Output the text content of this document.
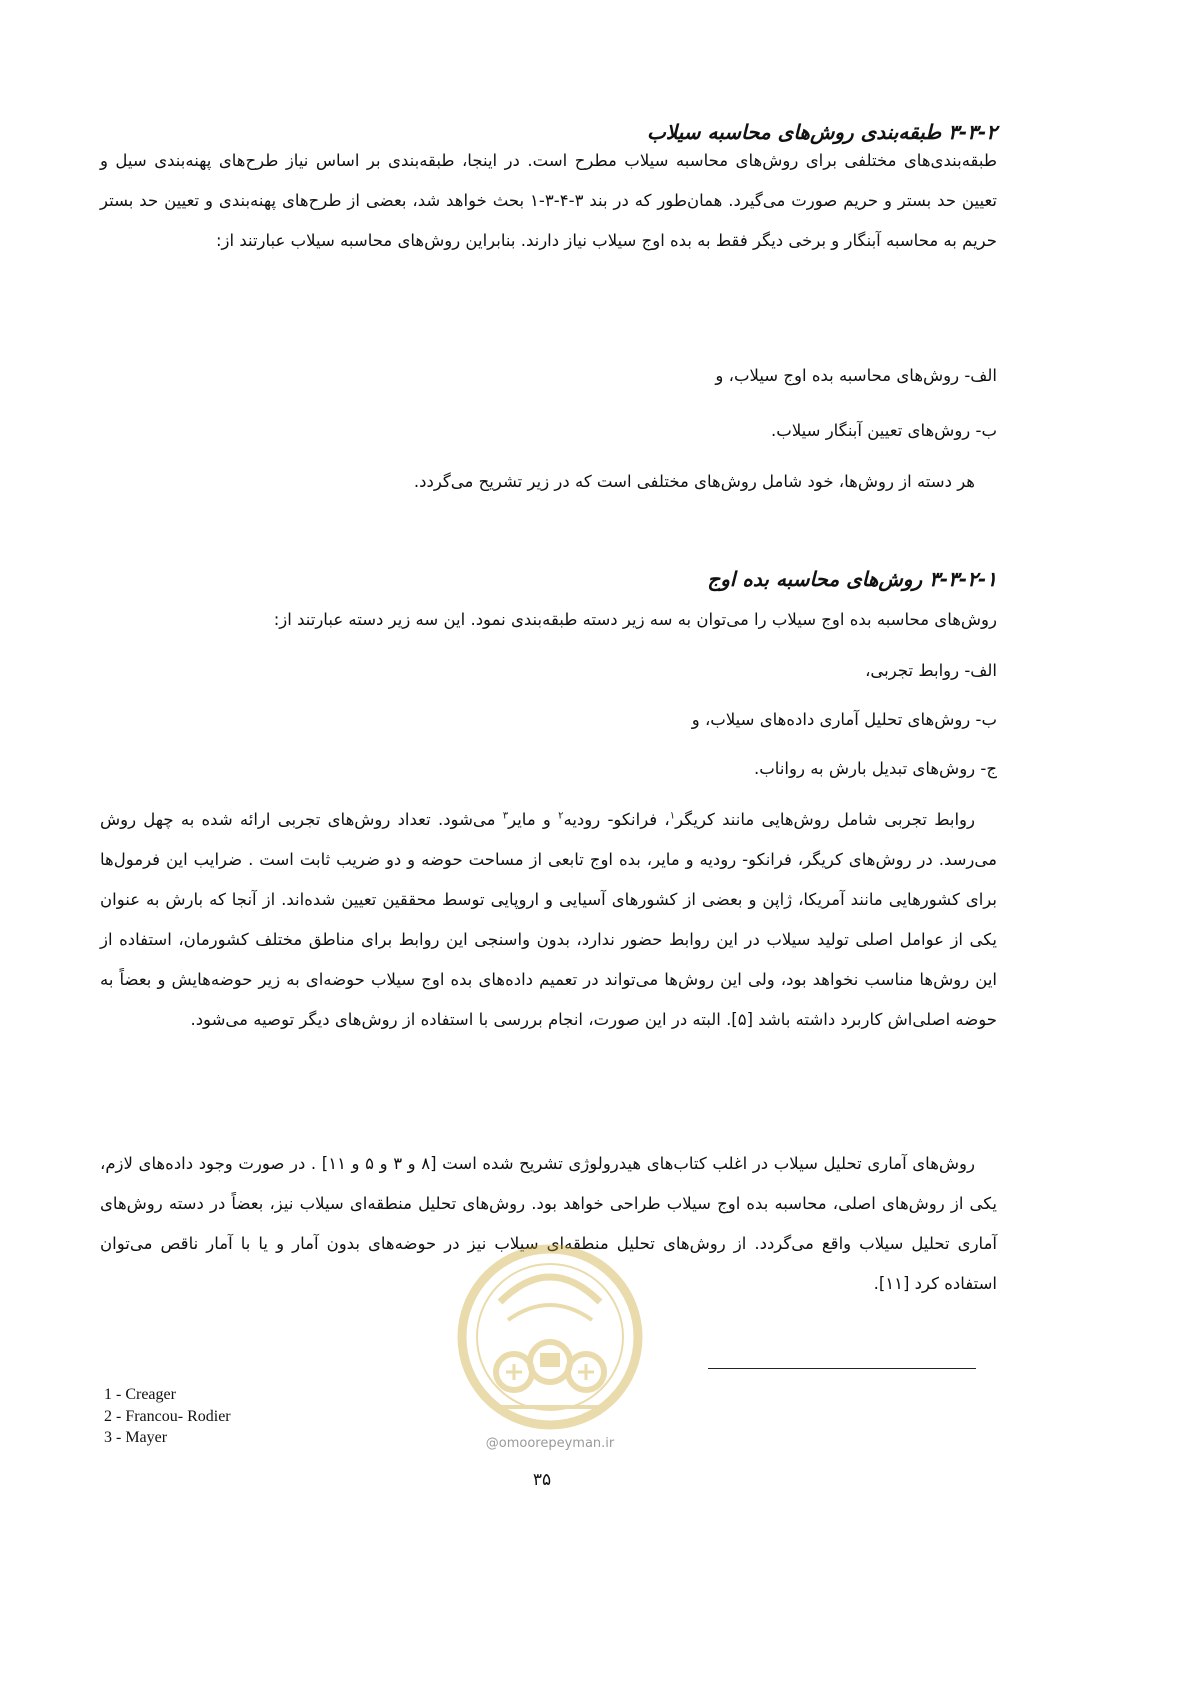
۳-۳-۲ طبقه‌بندی روش‌های محاسبه سیلاب

طبقه‌بندی‌های مختلفی برای روش‌های محاسبه سیلاب مطرح است. در اینجا، طبقه‌بندی بر اساس نیاز طرح‌های پهنه‌بندی سیل و تعیین حد بستر و حریم صورت می‌گیرد. همان‌طور که در بند ۳-۴-۳-۱ بحث خواهد شد، بعضی از طرح‌های پهنه‌بندی و تعیین حد بستر حریم به محاسبه آبنگار و برخی دیگر فقط به بده اوج سیلاب نیاز دارند. بنابراین روش‌های محاسبه سیلاب عبارتند از:

الف- روش‌های محاسبه بده اوج سیلاب، و

ب- روش‌های تعیین آبنگار سیلاب.

هر دسته از روش‌ها، خود شامل روش‌های مختلفی است که در زیر تشریح می‌گردد.

۳-۳-۲-۱ روش‌های محاسبه بده اوج

روش‌های محاسبه بده اوج سیلاب را می‌توان به سه زیر دسته طبقه‌بندی نمود. این سه زیر دسته عبارتند از:

الف- روابط تجربی،

ب- روش‌های تحلیل آماری داده‌های سیلاب، و

ج- روش‌های تبدیل بارش به رواناب.

روابط تجربی شامل روش‌هایی مانند کریگر$^۱$، فرانکو- رودیه$^۲$ و مایر$^۳$ می‌شود. تعداد روش‌های تجربی ارائه شده به چهل روش می‌رسد. در روش‌های کریگر، فرانکو- رودیه و مایر، بده اوج تابعی از مساحت حوضه و دو ضریب ثابت است . ضرایب این فرمول‌ها برای کشورهایی مانند آمریکا، ژاپن و بعضی از کشورهای آسیایی و اروپایی توسط محققین تعیین شده‌اند. از آنجا که بارش به عنوان یکی از عوامل اصلی تولید سیلاب در این روابط حضور ندارد، بدون واسنجی این روابط برای مناطق مختلف کشورمان، استفاده از این روش‌ها مناسب نخواهد بود، ولی این روش‌ها می‌تواند در تعمیم داده‌های بده اوج سیلاب حوضه‌ای به زیر حوضه‌هایش و بعضاً به حوضه اصلی‌اش کاربرد داشته باشد [۵]. البته در این صورت، انجام بررسی با استفاده از روش‌های دیگر توصیه می‌شود.

روش‌های آماری تحلیل سیلاب در اغلب کتاب‌های هیدرولوژی تشریح شده است [۸ و ۳ و ۵ و ۱۱] . در صورت وجود داده‌های لازم، یکی از روش‌های اصلی، محاسبه بده اوج سیلاب طراحی خواهد بود. روش‌های تحلیل منطقه‌ای سیلاب نیز، بعضاً در دسته روش‌های آماری تحلیل سیلاب واقع می‌گردد. از روش‌های تحلیل منطقه‌ای سیلاب نیز در حوضه‌های بدون آمار و یا با آمار ناقص می‌توان استفاده کرد [۱۱].

@omoorepeyman.ir
1 - Creager
2 - Francou- Rodier
3 - Mayer
۳۵
